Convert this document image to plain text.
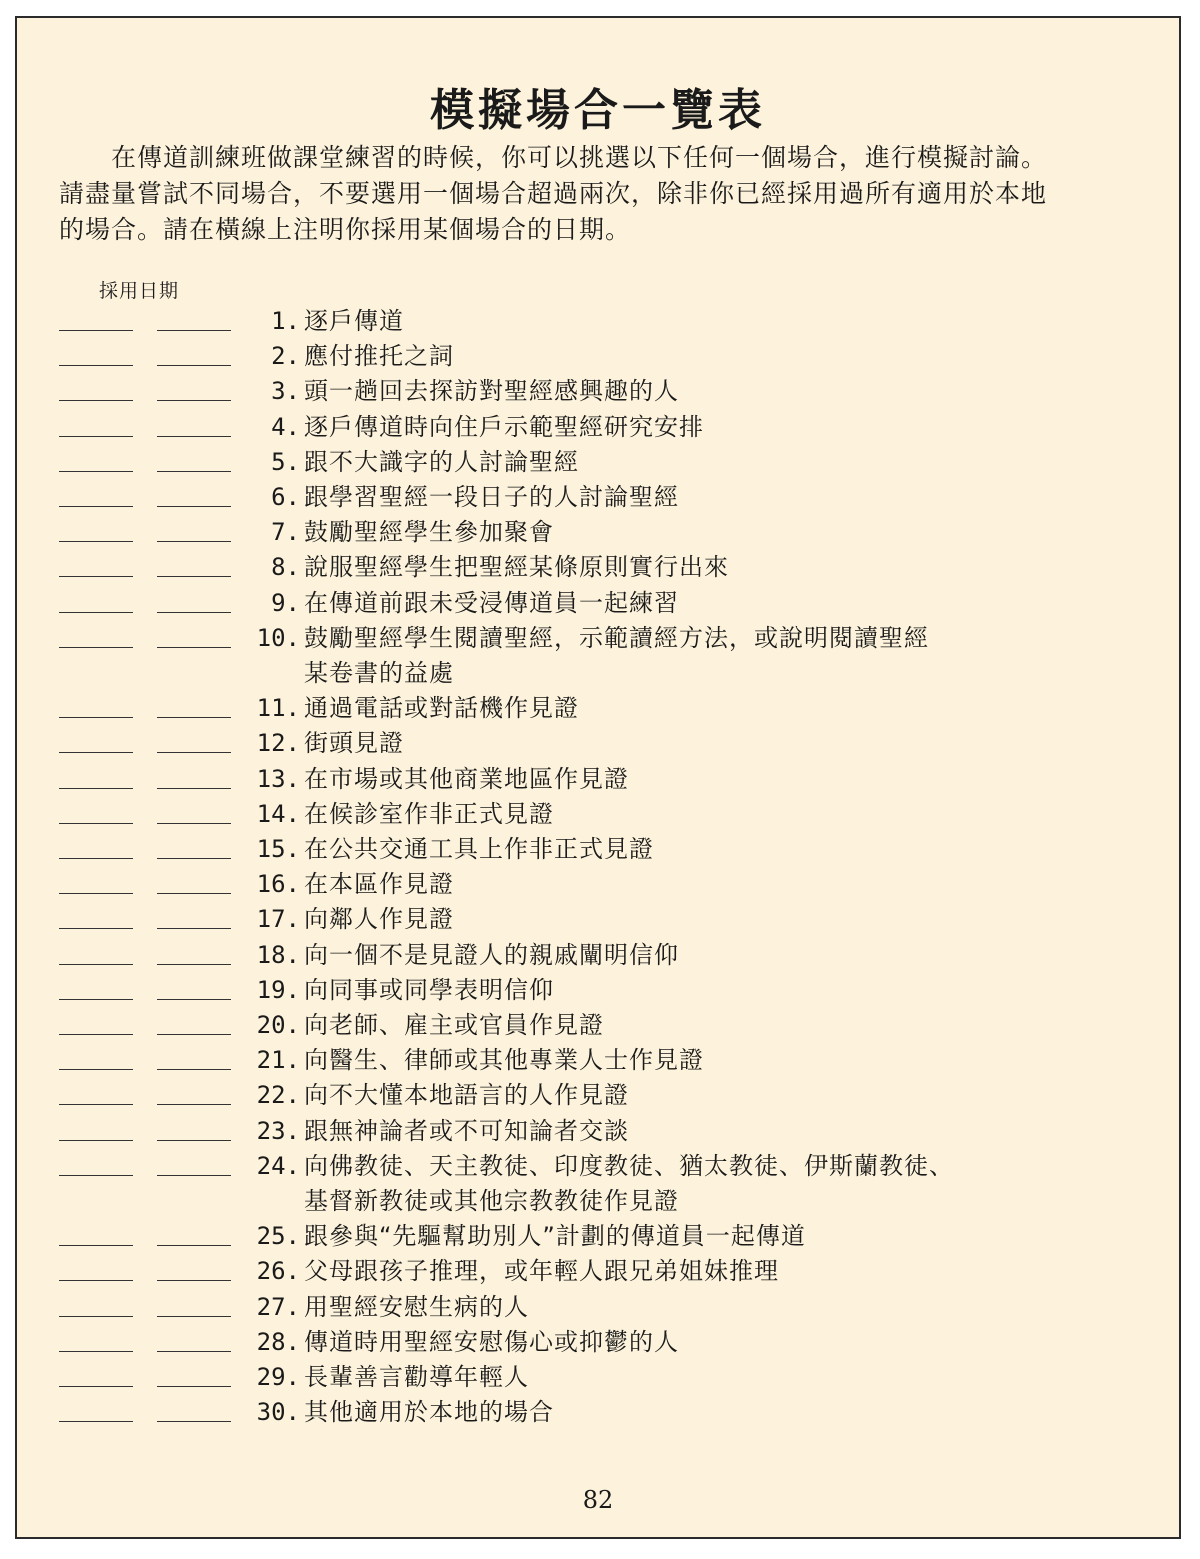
模擬場合一覽表
在傳道訓練班做課堂練習的時候，你可以挑選以下任何一個場合，進行模擬討論。
請盡量嘗試不同場合，不要選用一個場合超過兩次，除非你已經採用過所有適用於本地
的場合。請在橫線上注明你採用某個場合的日期。
採用日期
1. 逐戶傳道
2. 應付推托之詞
3. 頭一趟回去探訪對聖經感興趣的人
4. 逐戶傳道時向住戶示範聖經研究安排
5. 跟不大識字的人討論聖經
6. 跟學習聖經一段日子的人討論聖經
7. 鼓勵聖經學生參加聚會
8. 說服聖經學生把聖經某條原則實行出來
9. 在傳道前跟未受浸傳道員一起練習
10. 鼓勵聖經學生閱讀聖經，示範讀經方法，或說明閱讀聖經
某卷書的益處
11. 通過電話或對話機作見證
12. 街頭見證
13. 在市場或其他商業地區作見證
14. 在候診室作非正式見證
15. 在公共交通工具上作非正式見證
16. 在本區作見證
17. 向鄰人作見證
18. 向一個不是見證人的親戚闡明信仰
19. 向同事或同學表明信仰
20. 向老師、雇主或官員作見證
21. 向醫生、律師或其他專業人士作見證
22. 向不大懂本地語言的人作見證
23. 跟無神論者或不可知論者交談
24. 向佛教徒、天主教徒、印度教徒、猶太教徒、伊斯蘭教徒、
基督新教徒或其他宗教教徒作見證
25. 跟參與“先驅幫助別人”計劃的傳道員一起傳道
26. 父母跟孩子推理，或年輕人跟兄弟姐妹推理
27. 用聖經安慰生病的人
28. 傳道時用聖經安慰傷心或抑鬱的人
29. 長輩善言勸導年輕人
30. 其他適用於本地的場合
82
